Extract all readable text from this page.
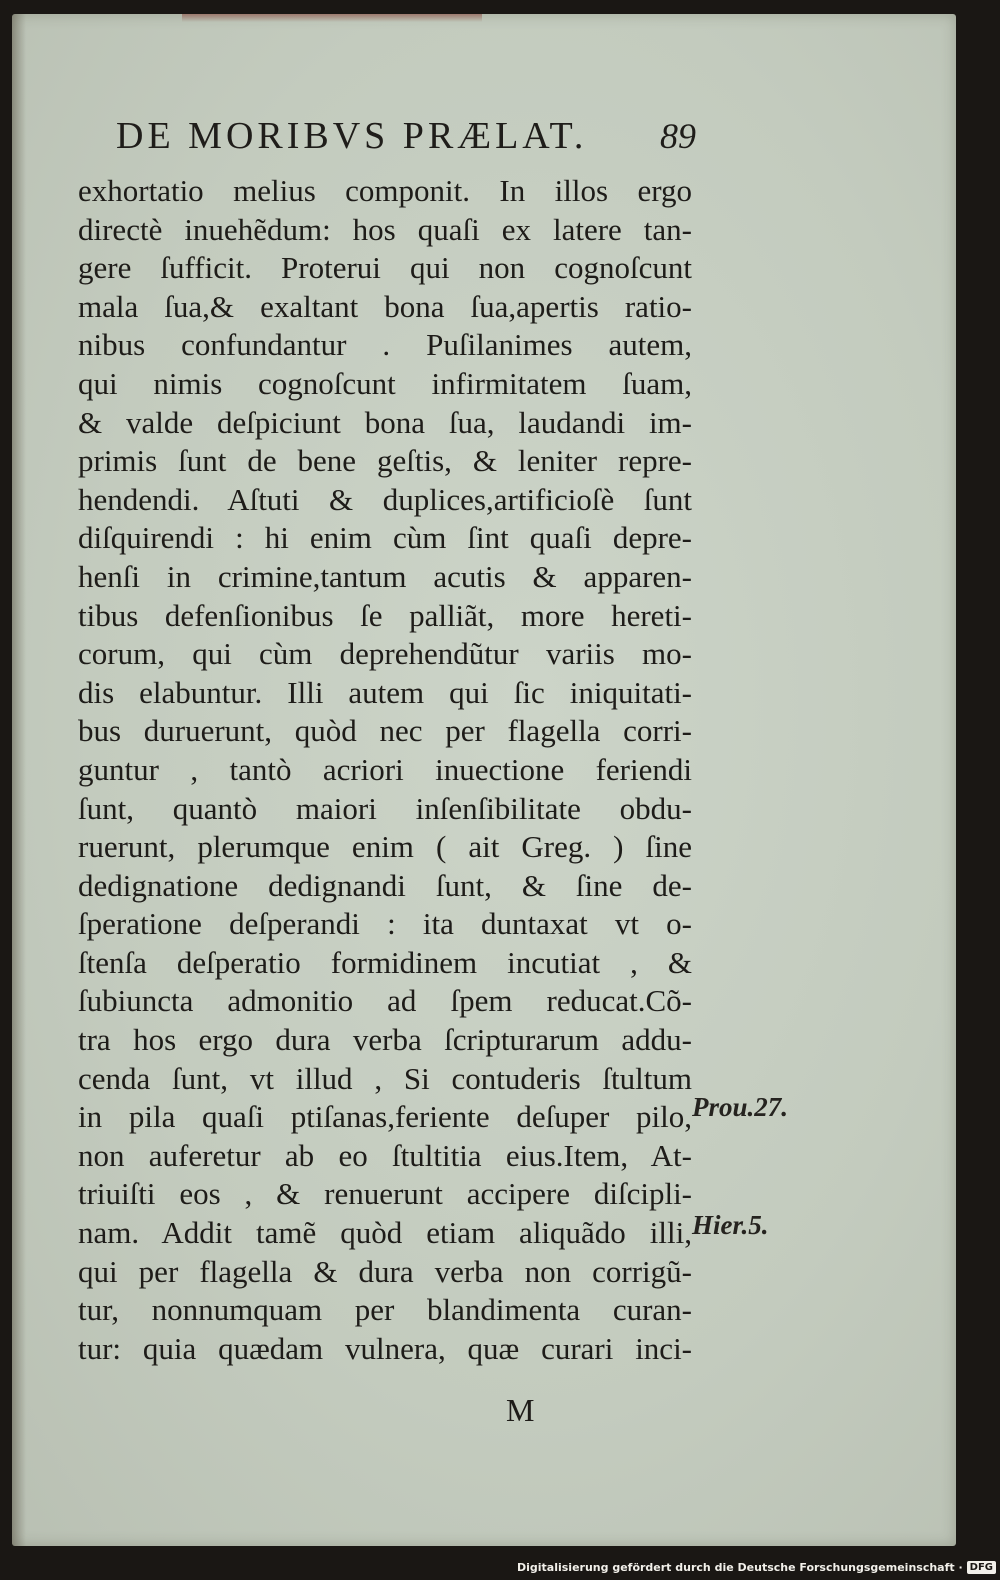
DE MORIBVS PRÆLAT. 89
exhortatio melius componit. In illos ergo
directè inuehẽdum: hos quaſi ex latere tan-
gere ſufficit. Proterui qui non cognoſcunt
mala ſua,& exaltant bona ſua,apertis ratio-
nibus confundantur . Puſilanimes autem,
qui nimis cognoſcunt infirmitatem ſuam,
& valde deſpiciunt bona ſua, laudandi im-
primis ſunt de bene geſtis, & leniter repre-
hendendi. Aſtuti & duplices,artificioſè ſunt
diſquirendi : hi enim cùm ſint quaſi depre-
henſi in crimine,tantum acutis & apparen-
tibus defenſionibus ſe palliãt, more hereti-
corum, qui cùm deprehendũtur variis mo-
dis elabuntur. Illi autem qui ſic iniquitati-
bus duruerunt, quòd nec per flagella corri-
guntur , tantò acriori inuectione feriendi
ſunt, quantò maiori inſenſibilitate obdu-
ruerunt, plerumque enim ( ait Greg. ) ſine
dedignatione dedignandi ſunt, & ſine de-
ſperatione deſperandi : ita duntaxat vt o-
ſtenſa deſperatio formidinem incutiat , &
ſubiuncta admonitio ad ſpem reducat.Cõ-
tra hos ergo dura verba ſcripturarum addu-
cenda ſunt, vt illud , Si contuderis ſtultum
in pila quaſi ptiſanas,feriente deſuper pilo,
non auferetur ab eo ſtultitia eius.Item, At-
triuiſti eos , & renuerunt accipere diſcipli-
nam. Addit tamẽ quòd etiam aliquãdo illi,
qui per flagella & dura verba non corrigũ-
tur, nonnumquam per blandimenta curan-
tur: quia quædam vulnera, quæ curari inci-
Prou.27.
Hier.5.
M
Digitalisierung gefördert durch die Deutsche Forschungsgemeinschaft · DFG
